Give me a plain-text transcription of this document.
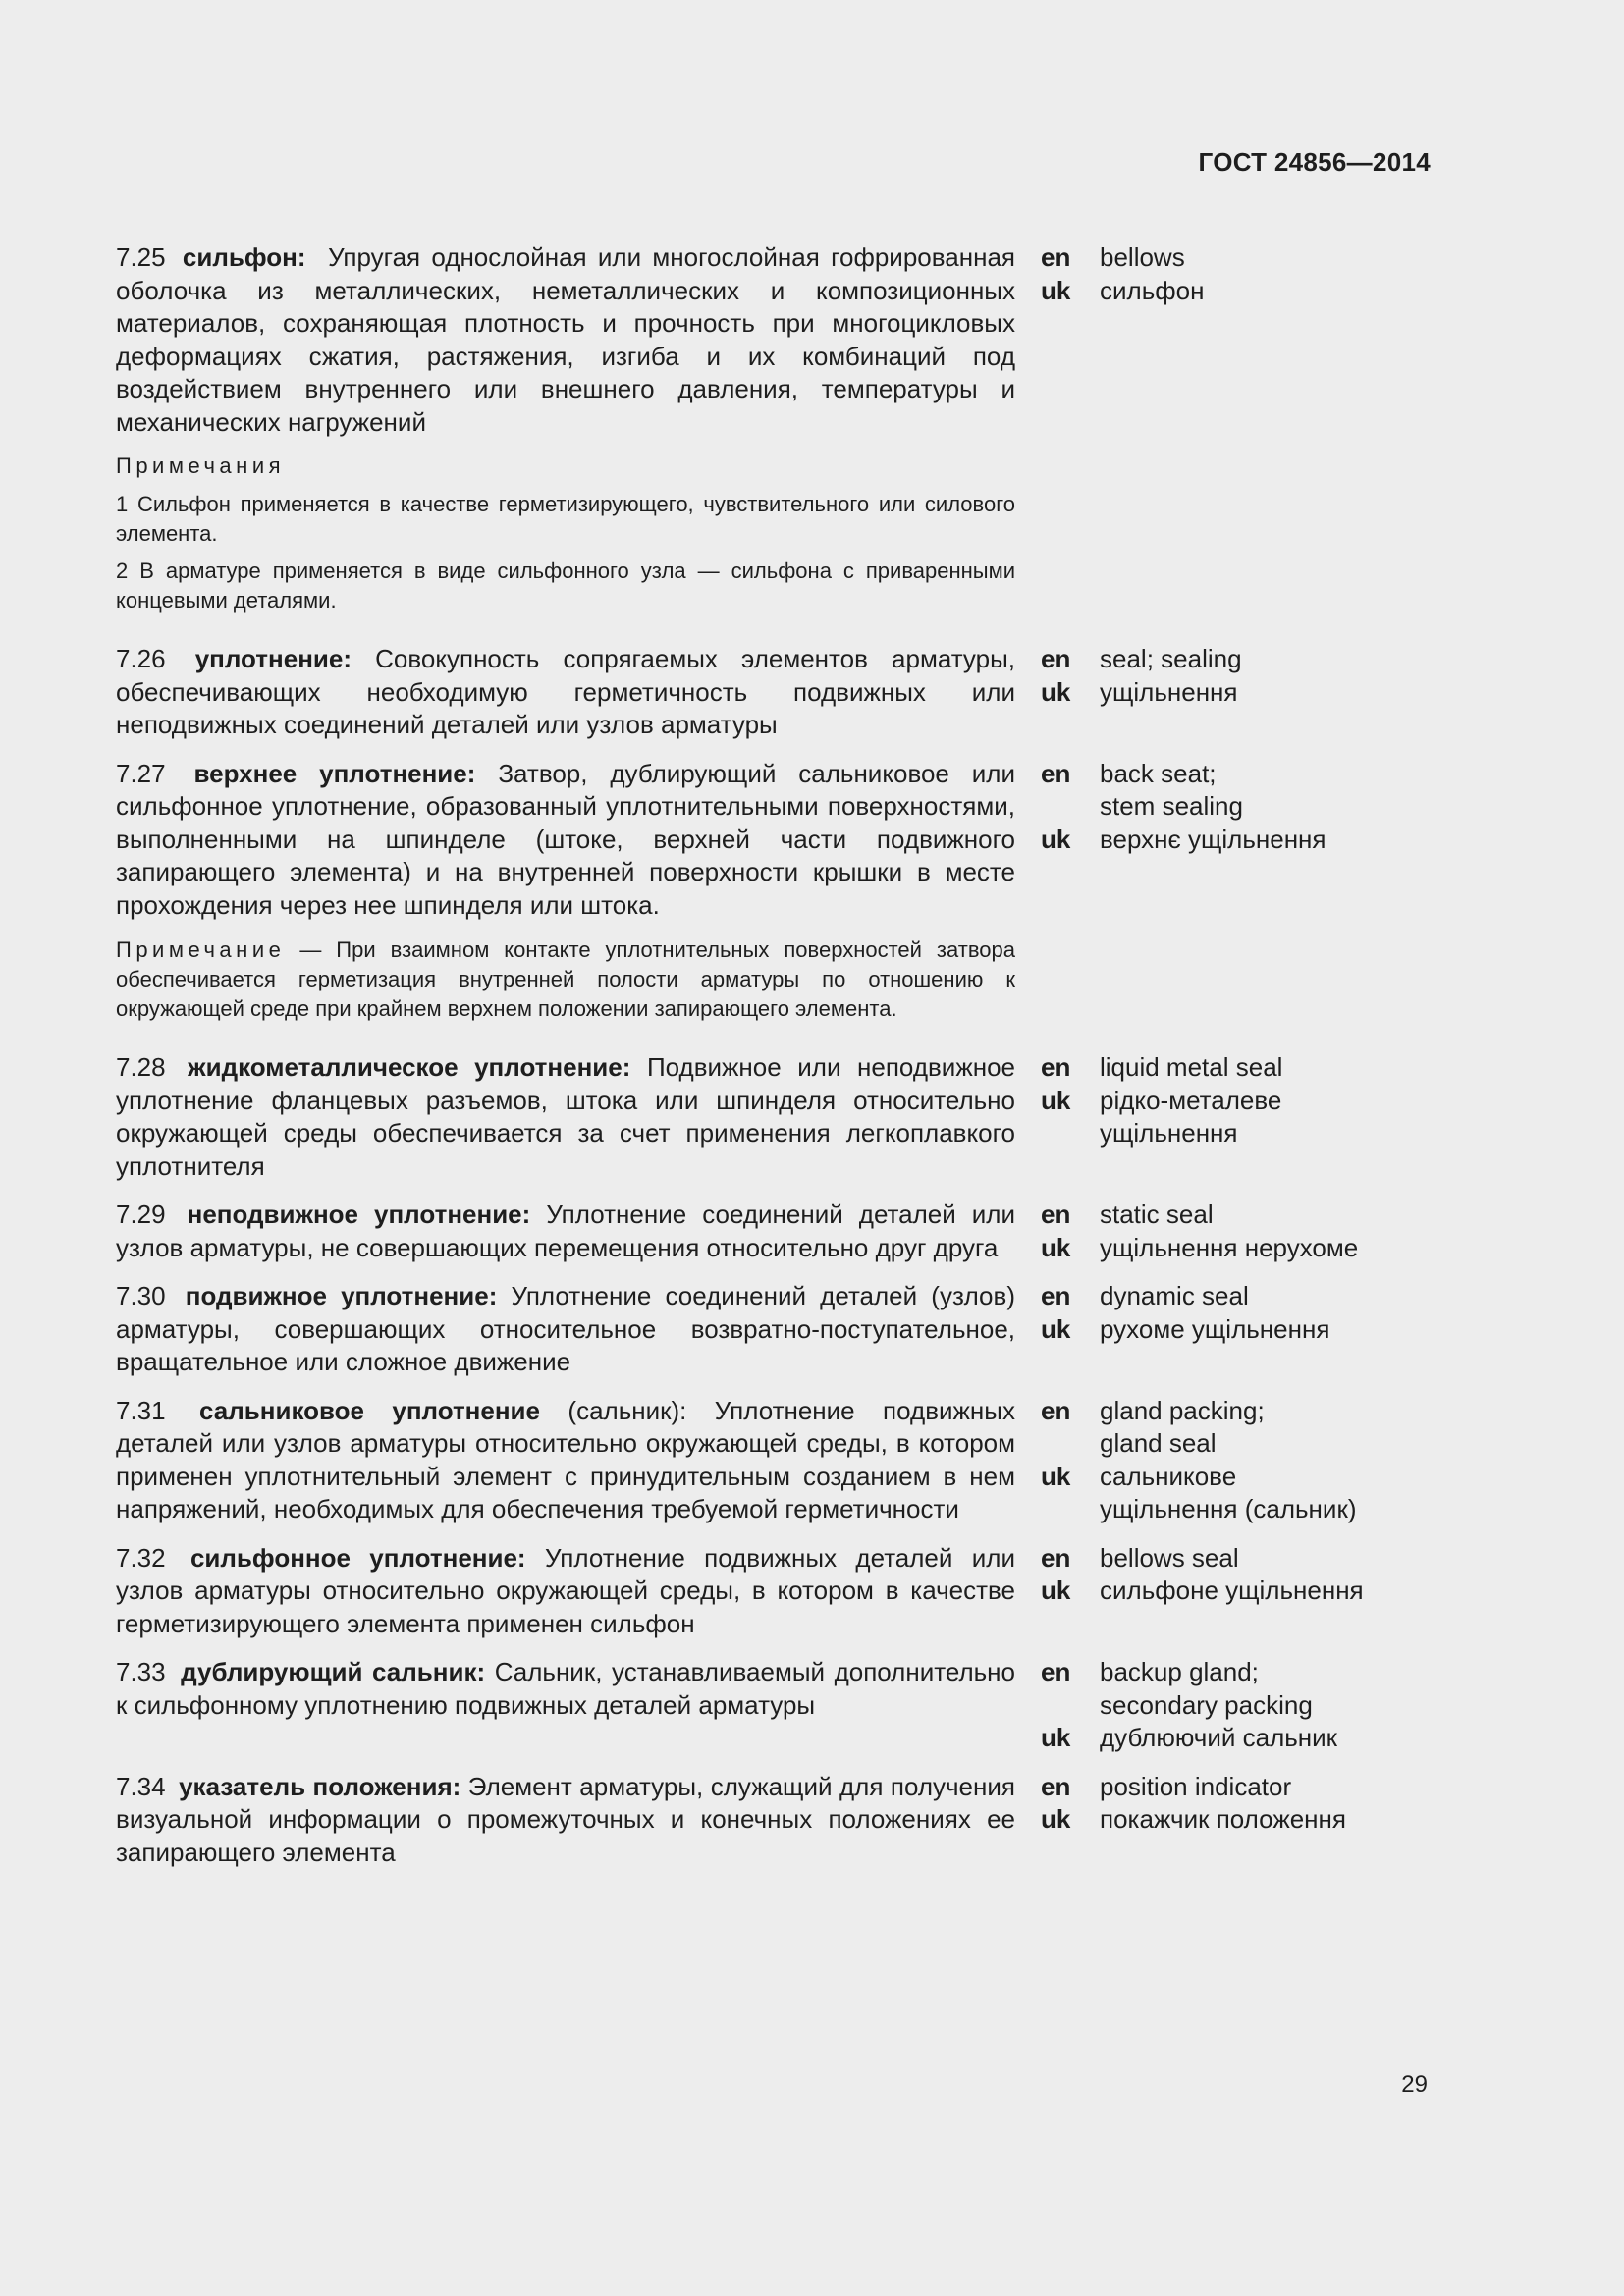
ГОСТ 24856—2014

7.25 сильфон: Упругая однослойная или многослойная гофрированная оболочка из металлических, неметаллических и композиционных материалов, сохраняющая плотность и прочность при многоцикловых деформациях сжатия, растяжения, изгиба и их комбинаций под воздействием внутреннего или внешнего давления, температуры и механических нагружений

Примечания

1 Сильфон применяется в качестве герметизирующего, чувствительного или силового элемента.

2 В арматуре применяется в виде сильфонного узла — сильфона с приваренными концевыми деталями.

en	bellows
uk	сильфон

7.26 уплотнение: Совокупность сопрягаемых элементов арматуры, обеспечивающих необходимую герметичность подвижных или неподвижных соединений деталей или узлов арматуры

en	seal; sealing
uk	ущільнення

7.27 верхнее уплотнение: Затвор, дублирующий сальниковое или сильфонное уплотнение, образованный уплотнительными поверхностями, выполненными на шпинделе (штоке, верхней части подвижного запирающего элемента) и на внутренней поверхности крышки в месте прохождения через нее шпинделя или штока.

Примечание — При взаимном контакте уплотнительных поверхностей затвора обеспечивается герметизация внутренней полости арматуры по отношению к окружающей среде при крайнем верхнем положении запирающего элемента.

en	back seat;
stem sealing
uk	верхнє ущільнення

7.28 жидкометаллическое уплотнение: Подвижное или неподвижное уплотнение фланцевых разъемов, штока или шпинделя относительно окружающей среды обеспечивается за счет применения легкоплавкого уплотнителя

en	liquid metal seal
uk	рідко-металеве
ущільнення

7.29 неподвижное уплотнение: Уплотнение соединений деталей или узлов арматуры, не совершающих перемещения относительно друг друга

en	static seal
uk	ущільнення нерухоме

7.30 подвижное уплотнение: Уплотнение соединений деталей (узлов) арматуры, совершающих относительное возвратно-поступательное, вращательное или сложное движение

en	dynamic seal
uk	рухоме ущільнення

7.31 сальниковое уплотнение (сальник): Уплотнение подвижных деталей или узлов арматуры относительно окружающей среды, в котором применен уплотнительный элемент с принудительным созданием в нем напряжений, необходимых для обеспечения требуемой герметичности

en	gland packing;
gland seal
uk	сальникове
ущільнення (сальник)

7.32 сильфонное уплотнение: Уплотнение подвижных деталей или узлов арматуры относительно окружающей среды, в котором в качестве герметизирующего элемента применен сильфон

en	bellows seal
uk	сильфоне ущільнення

7.33 дублирующий сальник: Сальник, устанавливаемый дополнительно к сильфонному уплотнению подвижных деталей арматуры

en	backup gland;
secondary packing
uk	дублюючий сальник

7.34 указатель положения: Элемент арматуры, служащий для получения визуальной информации о промежуточных и конечных положениях ее запирающего элемента

en	position indicator
uk	покажчик положення
29
